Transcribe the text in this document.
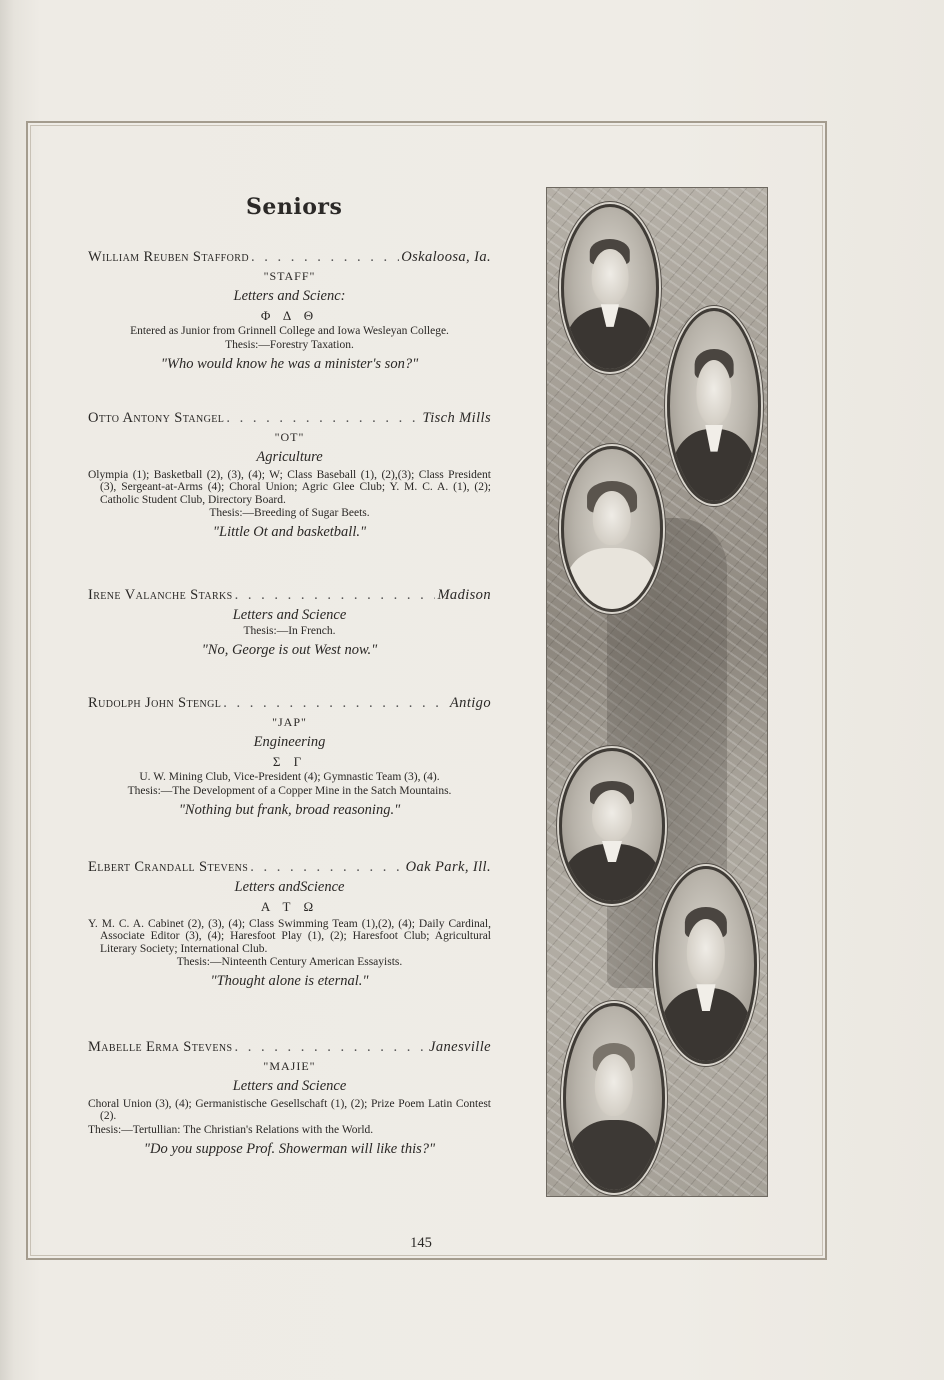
Seniors
William Reuben Stafford . . .	Oskaloosa, Ia.
"STAFF"
Letters and Scienc:
Φ Δ Θ
Entered as Junior from Grinnell College and Iowa Wesleyan College.
Thesis:—Forestry Taxation.
"Who would know he was a minister's son?"
Otto Antony Stangel . . .	Tisch Mills
"OT"
Agriculture
Olympia (1); Basketball (2), (3), (4); W; Class Baseball (1), (2),(3); Class President (3), Sergeant-at-Arms (4); Choral Union; Agric Glee Club; Y. M. C. A. (1), (2); Catholic Student Club, Directory Board.
Thesis:—Breeding of Sugar Beets.
"Little Ot and basketball."
Irene Valanche Starks . . .	Madison
Letters and Science
Thesis:—In French.
"No, George is out West now."
Rudolph John Stengl . . .	Antigo
"JAP"
Engineering
Σ Γ
U. W. Mining Club, Vice-President (4); Gymnastic Team (3), (4).
Thesis:—The Development of a Copper Mine in the Satch Mountains.
"Nothing but frank, broad reasoning."
Elbert Crandall Stevens . . .	Oak Park, Ill.
Letters andScience
Α Τ Ω
Y. M. C. A. Cabinet (2), (3), (4); Class Swimming Team (1),(2), (4); Daily Cardinal, Associate Editor (3), (4); Haresfoot Play (1), (2); Haresfoot Club; Agricultural Literary Society; International Club.
Thesis:—Ninteenth Century American Essayists.
"Thought alone is eternal."
Mabelle Erma Stevens . . .	Janesville
"MAJIE"
Letters and Science
Choral Union (3), (4); Germanistische Gesellschaft (1), (2); Prize Poem Latin Contest (2).
Thesis:—Tertullian: The Christian's Relations with the World.
"Do you suppose Prof. Showerman will like this?"
145
